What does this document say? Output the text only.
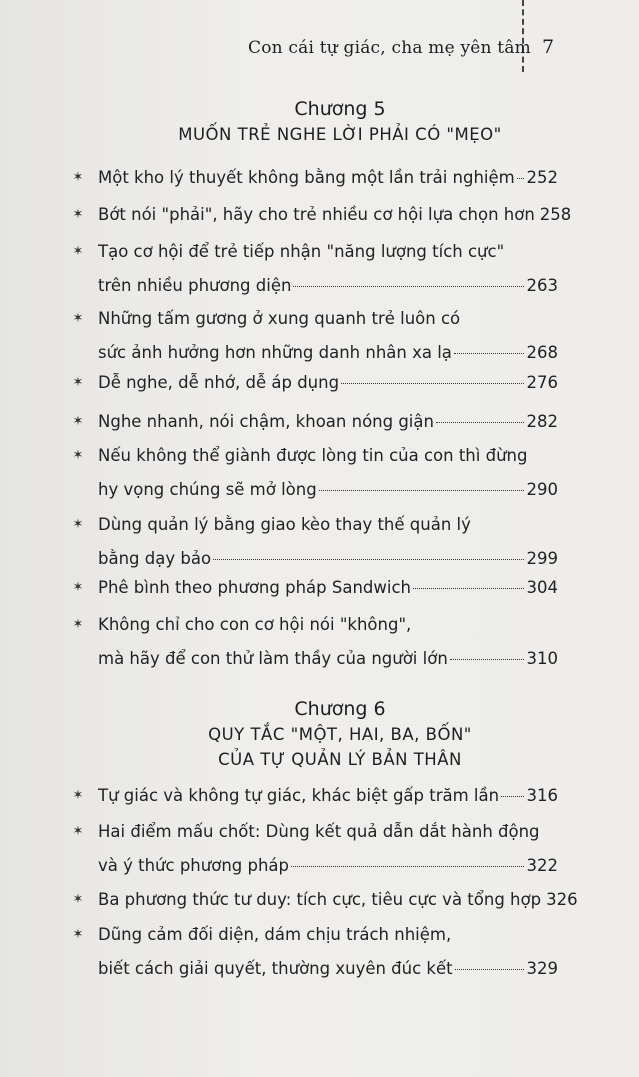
Con cái tự giác, cha mẹ yên tâm 7
Chương 5
MUỐN TRẺ NGHE LỜI PHẢI CÓ "MẸO"
✶ Một kho lý thuyết không bằng một lần trải nghiệm 252
✶ Bớt nói "phải", hãy cho trẻ nhiều cơ hội lựa chọn hơn 258
✶ Tạo cơ hội để trẻ tiếp nhận "năng lượng tích cực"
trên nhiều phương diện	263
✶ Những tấm gương ở xung quanh trẻ luôn có
sức ảnh hưởng hơn những danh nhân xa lạ	268
✶ Dễ nghe, dễ nhớ, dễ áp dụng	276
✶ Nghe nhanh, nói chậm, khoan nóng giận	282
✶ Nếu không thể giành được lòng tin của con thì đừng
hy vọng chúng sẽ mở lòng	290
✶ Dùng quản lý bằng giao kèo thay thế quản lý
bằng dạy bảo	299
✶ Phê bình theo phương pháp Sandwich	304
✶ Không chỉ cho con cơ hội nói "không",
mà hãy để con thử làm thầy của người lớn	310
Chương 6
QUY TẮC "MỘT, HAI, BA, BỐN"
CỦA TỰ QUẢN LÝ BẢN THÂN
✶ Tự giác và không tự giác, khác biệt gấp trăm lần 316
✶ Hai điểm mấu chốt: Dùng kết quả dẫn dắt hành động
và ý thức phương pháp	322
✶ Ba phương thức tư duy: tích cực, tiêu cực và tổng hợp 326
✶ Dũng cảm đối diện, dám chịu trách nhiệm,
biết cách giải quyết, thường xuyên đúc kết	329
